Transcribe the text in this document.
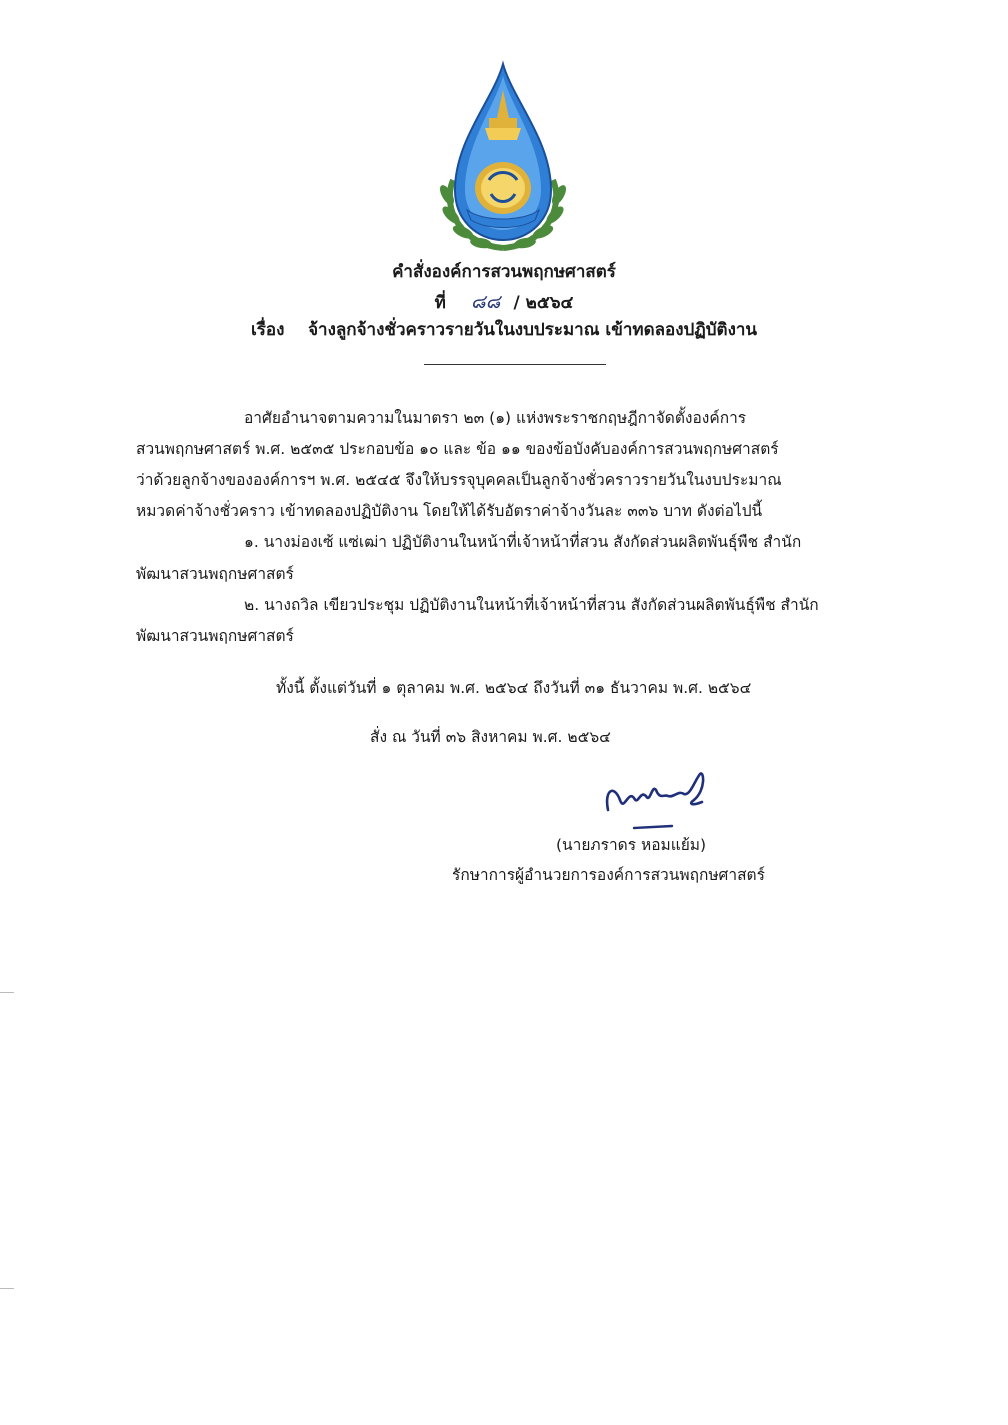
คำสั่งองค์การสวนพฤกษศาสตร์
ที่ ๘๘ / ๒๕๖๔
เรื่อง จ้างลูกจ้างชั่วคราวรายวันในงบประมาณ เข้าทดลองปฏิบัติงาน
อาศัยอำนาจตามความในมาตรา ๒๓ (๑) แห่งพระราชกฤษฎีกาจัดตั้งองค์การ
สวนพฤกษศาสตร์ พ.ศ. ๒๕๓๕ ประกอบข้อ ๑๐ และ ข้อ ๑๑ ของข้อบังคับองค์การสวนพฤกษศาสตร์
ว่าด้วยลูกจ้างขององค์การฯ พ.ศ. ๒๕๔๕ จึงให้บรรจุบุคคลเป็นลูกจ้างชั่วคราวรายวันในงบประมาณ
หมวดค่าจ้างชั่วคราว เข้าทดลองปฏิบัติงาน โดยให้ได้รับอัตราค่าจ้างวันละ ๓๓๖ บาท ดังต่อไปนี้
๑. นางม่องเซ้ แซ่เฒ่า ปฏิบัติงานในหน้าที่เจ้าหน้าที่สวน สังกัดส่วนผลิตพันธุ์พืช สำนัก
พัฒนาสวนพฤกษศาสตร์
๒. นางถวิล เขียวประชุม ปฏิบัติงานในหน้าที่เจ้าหน้าที่สวน สังกัดส่วนผลิตพันธุ์พืช สำนัก
พัฒนาสวนพฤกษศาสตร์
ทั้งนี้ ตั้งแต่วันที่ ๑ ตุลาคม พ.ศ. ๒๕๖๔ ถึงวันที่ ๓๑ ธันวาคม พ.ศ. ๒๕๖๔
สั่ง ณ วันที่ ๓๖ สิงหาคม พ.ศ. ๒๕๖๔
(นายภราดร หอมแย้ม)
รักษาการผู้อำนวยการองค์การสวนพฤกษศาสตร์
